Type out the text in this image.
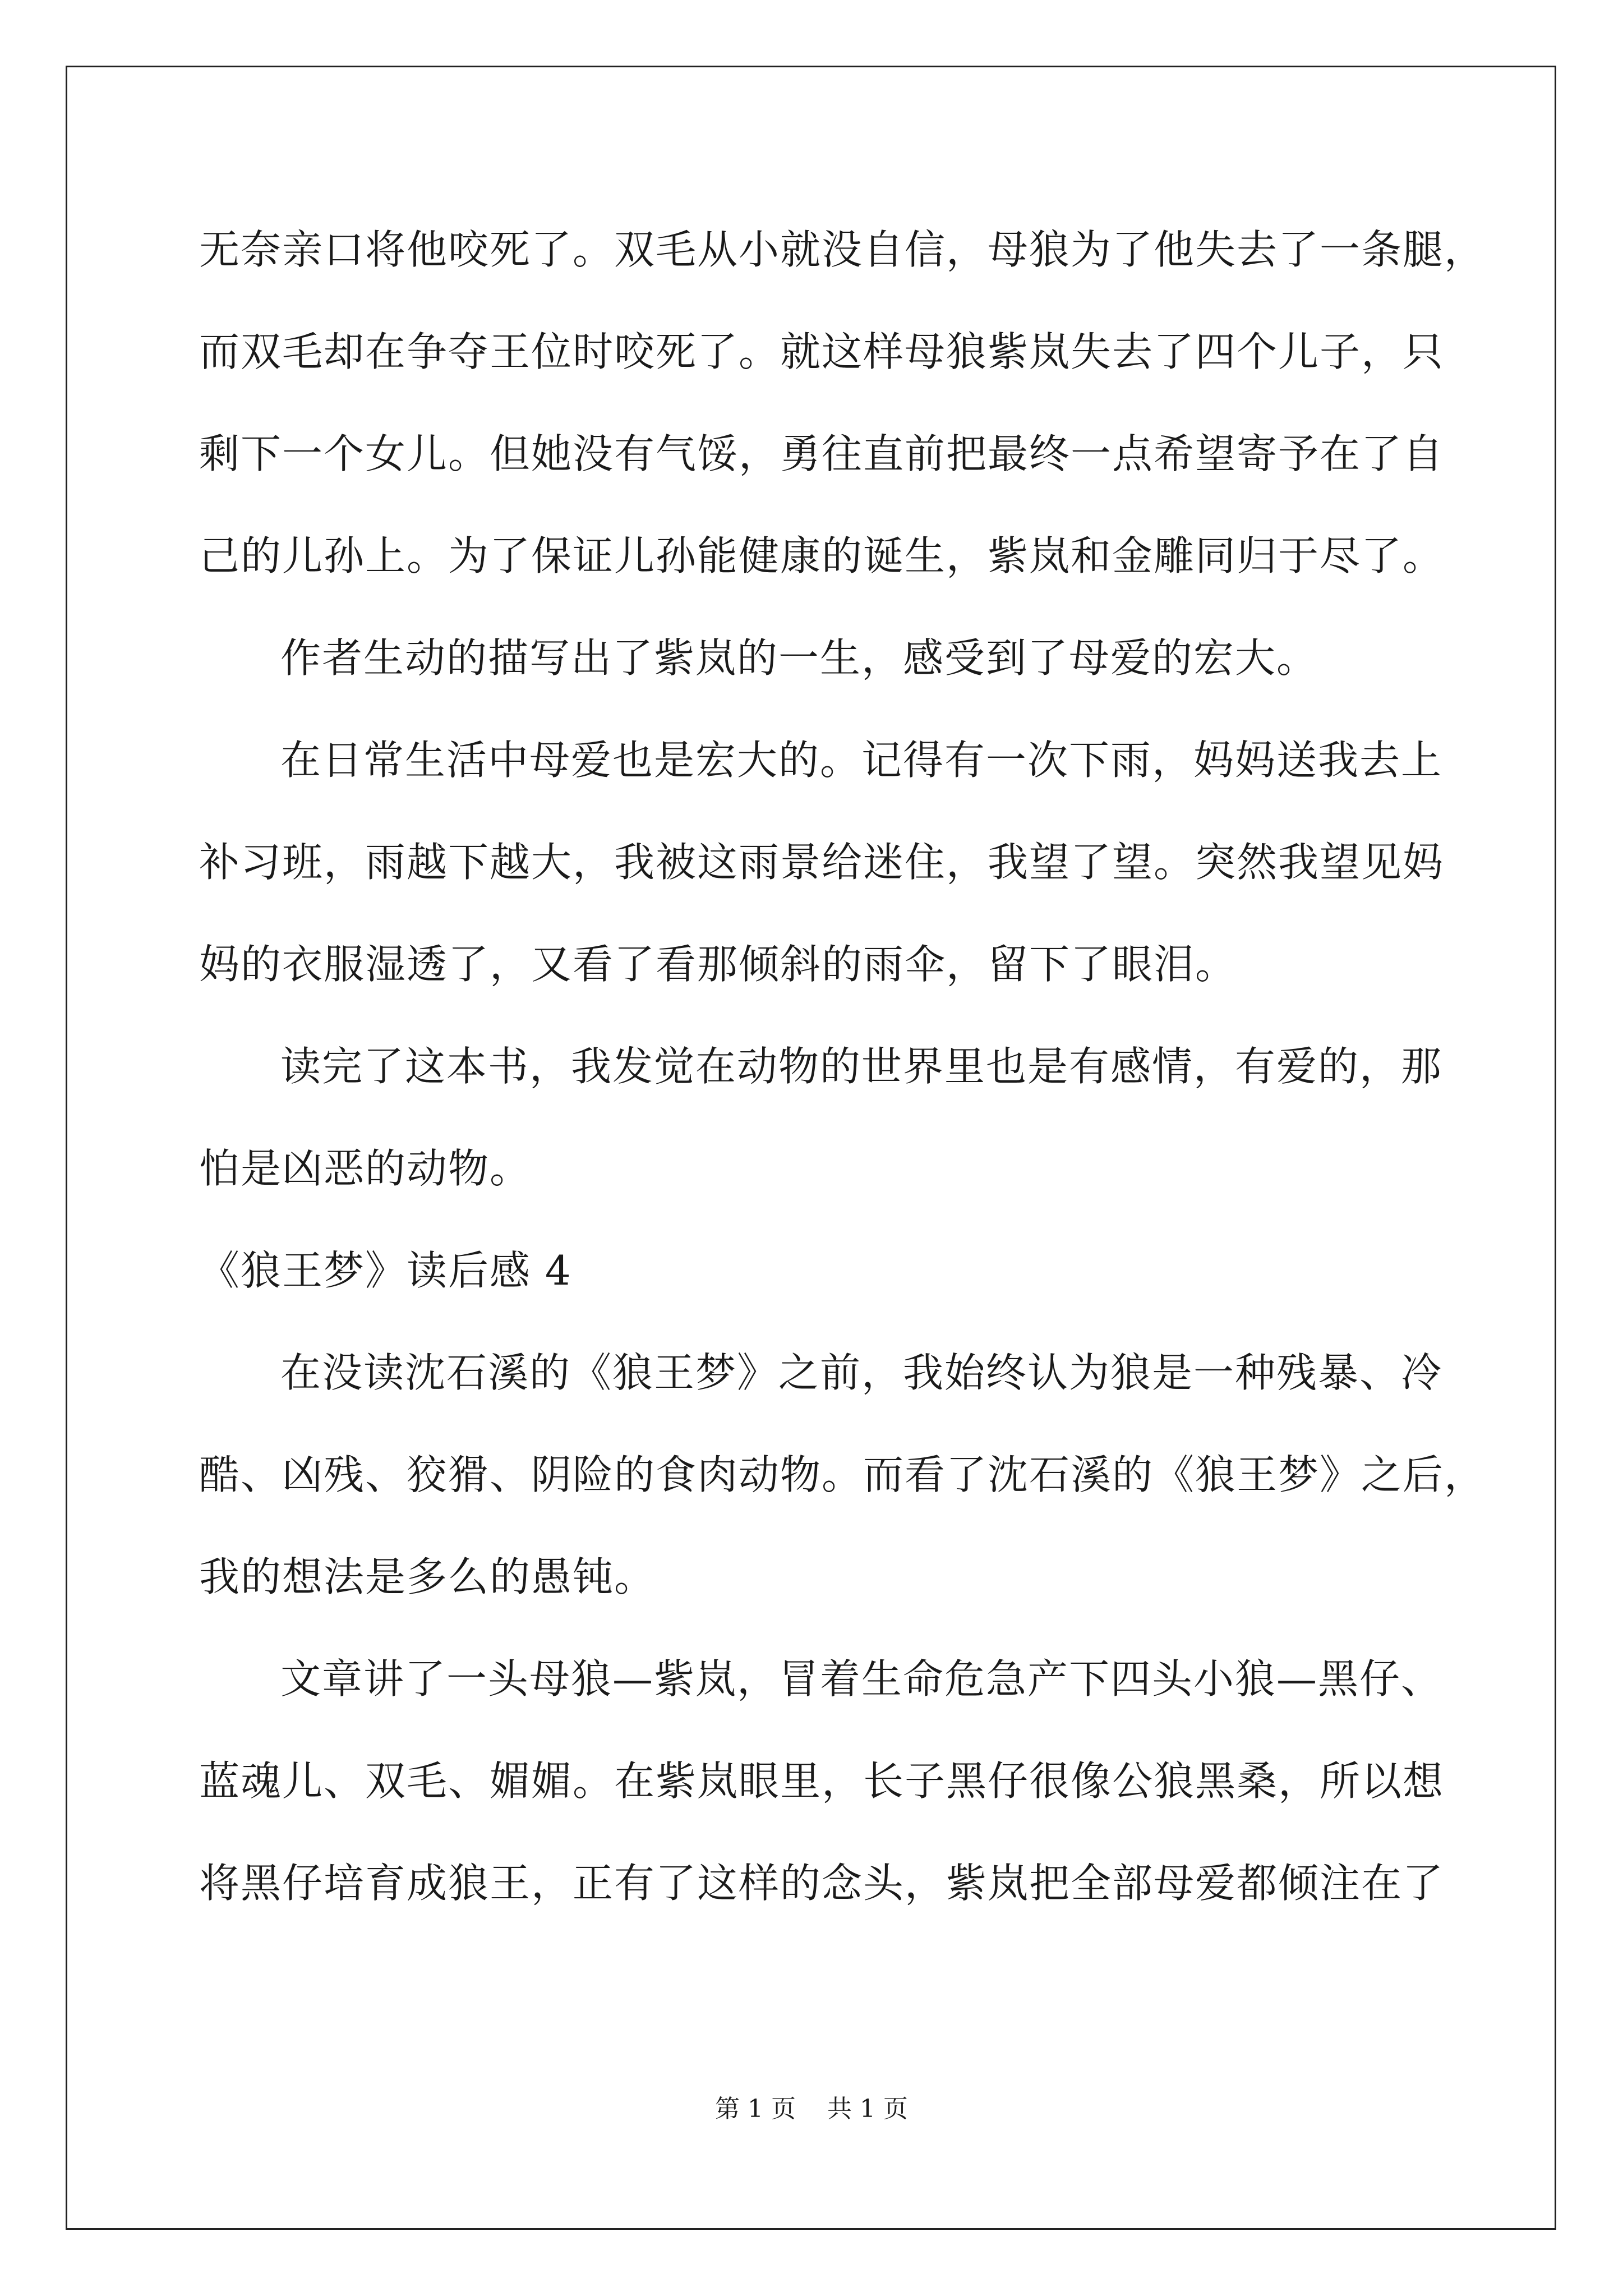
无奈亲口将他咬死了。双毛从小就没自信，母狼为了他失去了一条腿，
而双毛却在争夺王位时咬死了。就这样母狼紫岚失去了四个儿子，只
剩下一个女儿。但她没有气馁，勇往直前把最终一点希望寄予在了自
己的儿孙上。为了保证儿孙能健康的诞生，紫岚和金雕同归于尽了。
作者生动的描写出了紫岚的一生，感受到了母爱的宏大。
在日常生活中母爱也是宏大的。记得有一次下雨，妈妈送我去上
补习班，雨越下越大，我被这雨景给迷住，我望了望。突然我望见妈
妈的衣服湿透了，又看了看那倾斜的雨伞，留下了眼泪。
读完了这本书，我发觉在动物的世界里也是有感情，有爱的，那
怕是凶恶的动物。
《狼王梦》读后感 4
在没读沈石溪的《狼王梦》之前，我始终认为狼是一种残暴、冷
酷、凶残、狡猾、阴险的食肉动物。而看了沈石溪的《狼王梦》之后，
我的想法是多么的愚钝。
文章讲了一头母狼—紫岚，冒着生命危急产下四头小狼—黑仔、
蓝魂儿、双毛、媚媚。在紫岚眼里，长子黑仔很像公狼黑桑，所以想
将黑仔培育成狼王，正有了这样的念头，紫岚把全部母爱都倾注在了
第 1 页    共 1 页
